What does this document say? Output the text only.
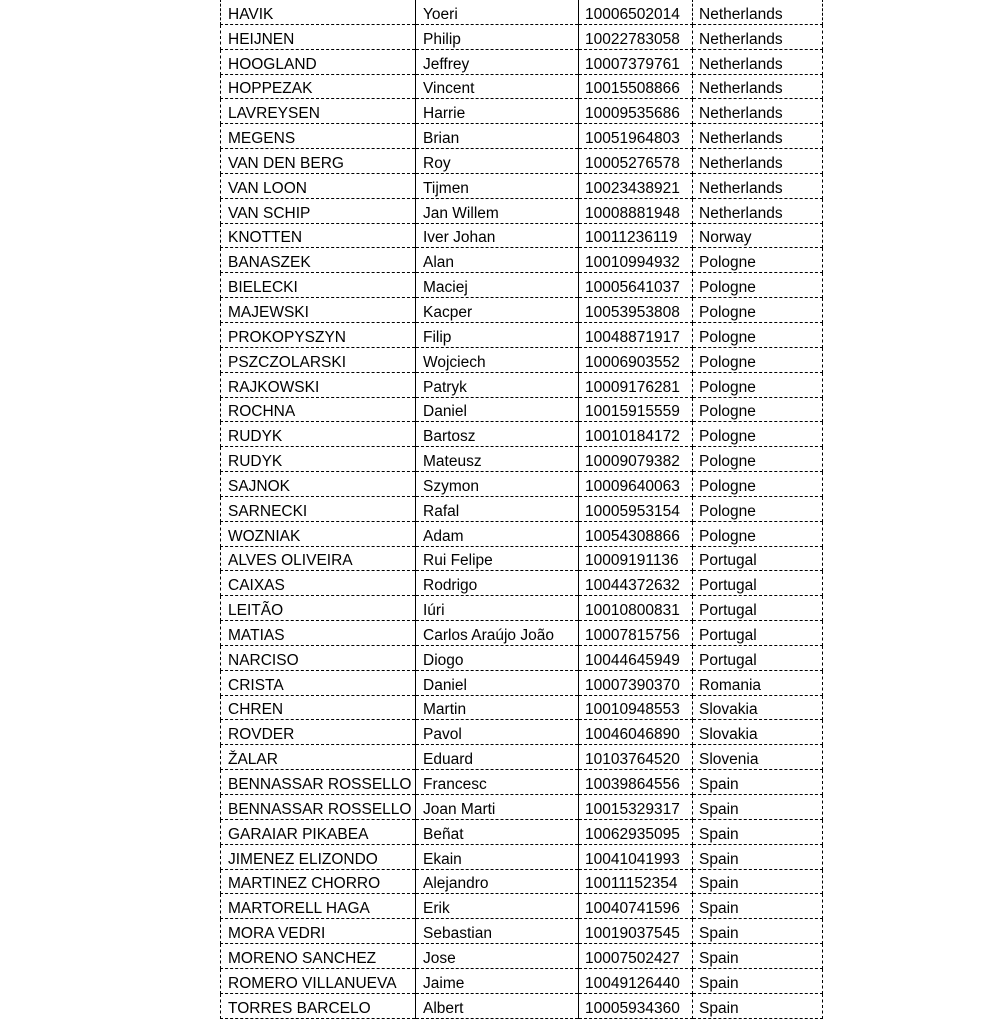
HAVIK	Yoeri	10006502014	Netherlands
HEIJNEN	Philip	10022783058	Netherlands
HOOGLAND	Jeffrey	10007379761	Netherlands
HOPPEZAK	Vincent	10015508866	Netherlands
LAVREYSEN	Harrie	10009535686	Netherlands
MEGENS	Brian	10051964803	Netherlands
VAN DEN BERG	Roy	10005276578	Netherlands
VAN LOON	Tijmen	10023438921	Netherlands
VAN SCHIP	Jan Willem	10008881948	Netherlands
KNOTTEN	Iver Johan	10011236119	Norway
BANASZEK	Alan	10010994932	Pologne
BIELECKI	Maciej	10005641037	Pologne
MAJEWSKI	Kacper	10053953808	Pologne
PROKOPYSZYN	Filip	10048871917	Pologne
PSZCZOLARSKI	Wojciech	10006903552	Pologne
RAJKOWSKI	Patryk	10009176281	Pologne
ROCHNA	Daniel	10015915559	Pologne
RUDYK	Bartosz	10010184172	Pologne
RUDYK	Mateusz	10009079382	Pologne
SAJNOK	Szymon	10009640063	Pologne
SARNECKI	Rafal	10005953154	Pologne
WOZNIAK	Adam	10054308866	Pologne
ALVES OLIVEIRA	Rui Felipe	10009191136	Portugal
CAIXAS	Rodrigo	10044372632	Portugal
LEITÃO	Iúri	10010800831	Portugal
MATIAS	Carlos Araújo João	10007815756	Portugal
NARCISO	Diogo	10044645949	Portugal
CRISTA	Daniel	10007390370	Romania
CHREN	Martin	10010948553	Slovakia
ROVDER	Pavol	10046046890	Slovakia
ŽALAR	Eduard	10103764520	Slovenia
BENNASSAR ROSSELLO	Francesc	10039864556	Spain
BENNASSAR ROSSELLO	Joan Marti	10015329317	Spain
GARAIAR PIKABEA	Beñat	10062935095	Spain
JIMENEZ ELIZONDO	Ekain	10041041993	Spain
MARTINEZ CHORRO	Alejandro	10011152354	Spain
MARTORELL HAGA	Erik	10040741596	Spain
MORA VEDRI	Sebastian	10019037545	Spain
MORENO SANCHEZ	Jose	10007502427	Spain
ROMERO VILLANUEVA	Jaime	10049126440	Spain
TORRES BARCELO	Albert	10005934360	Spain
